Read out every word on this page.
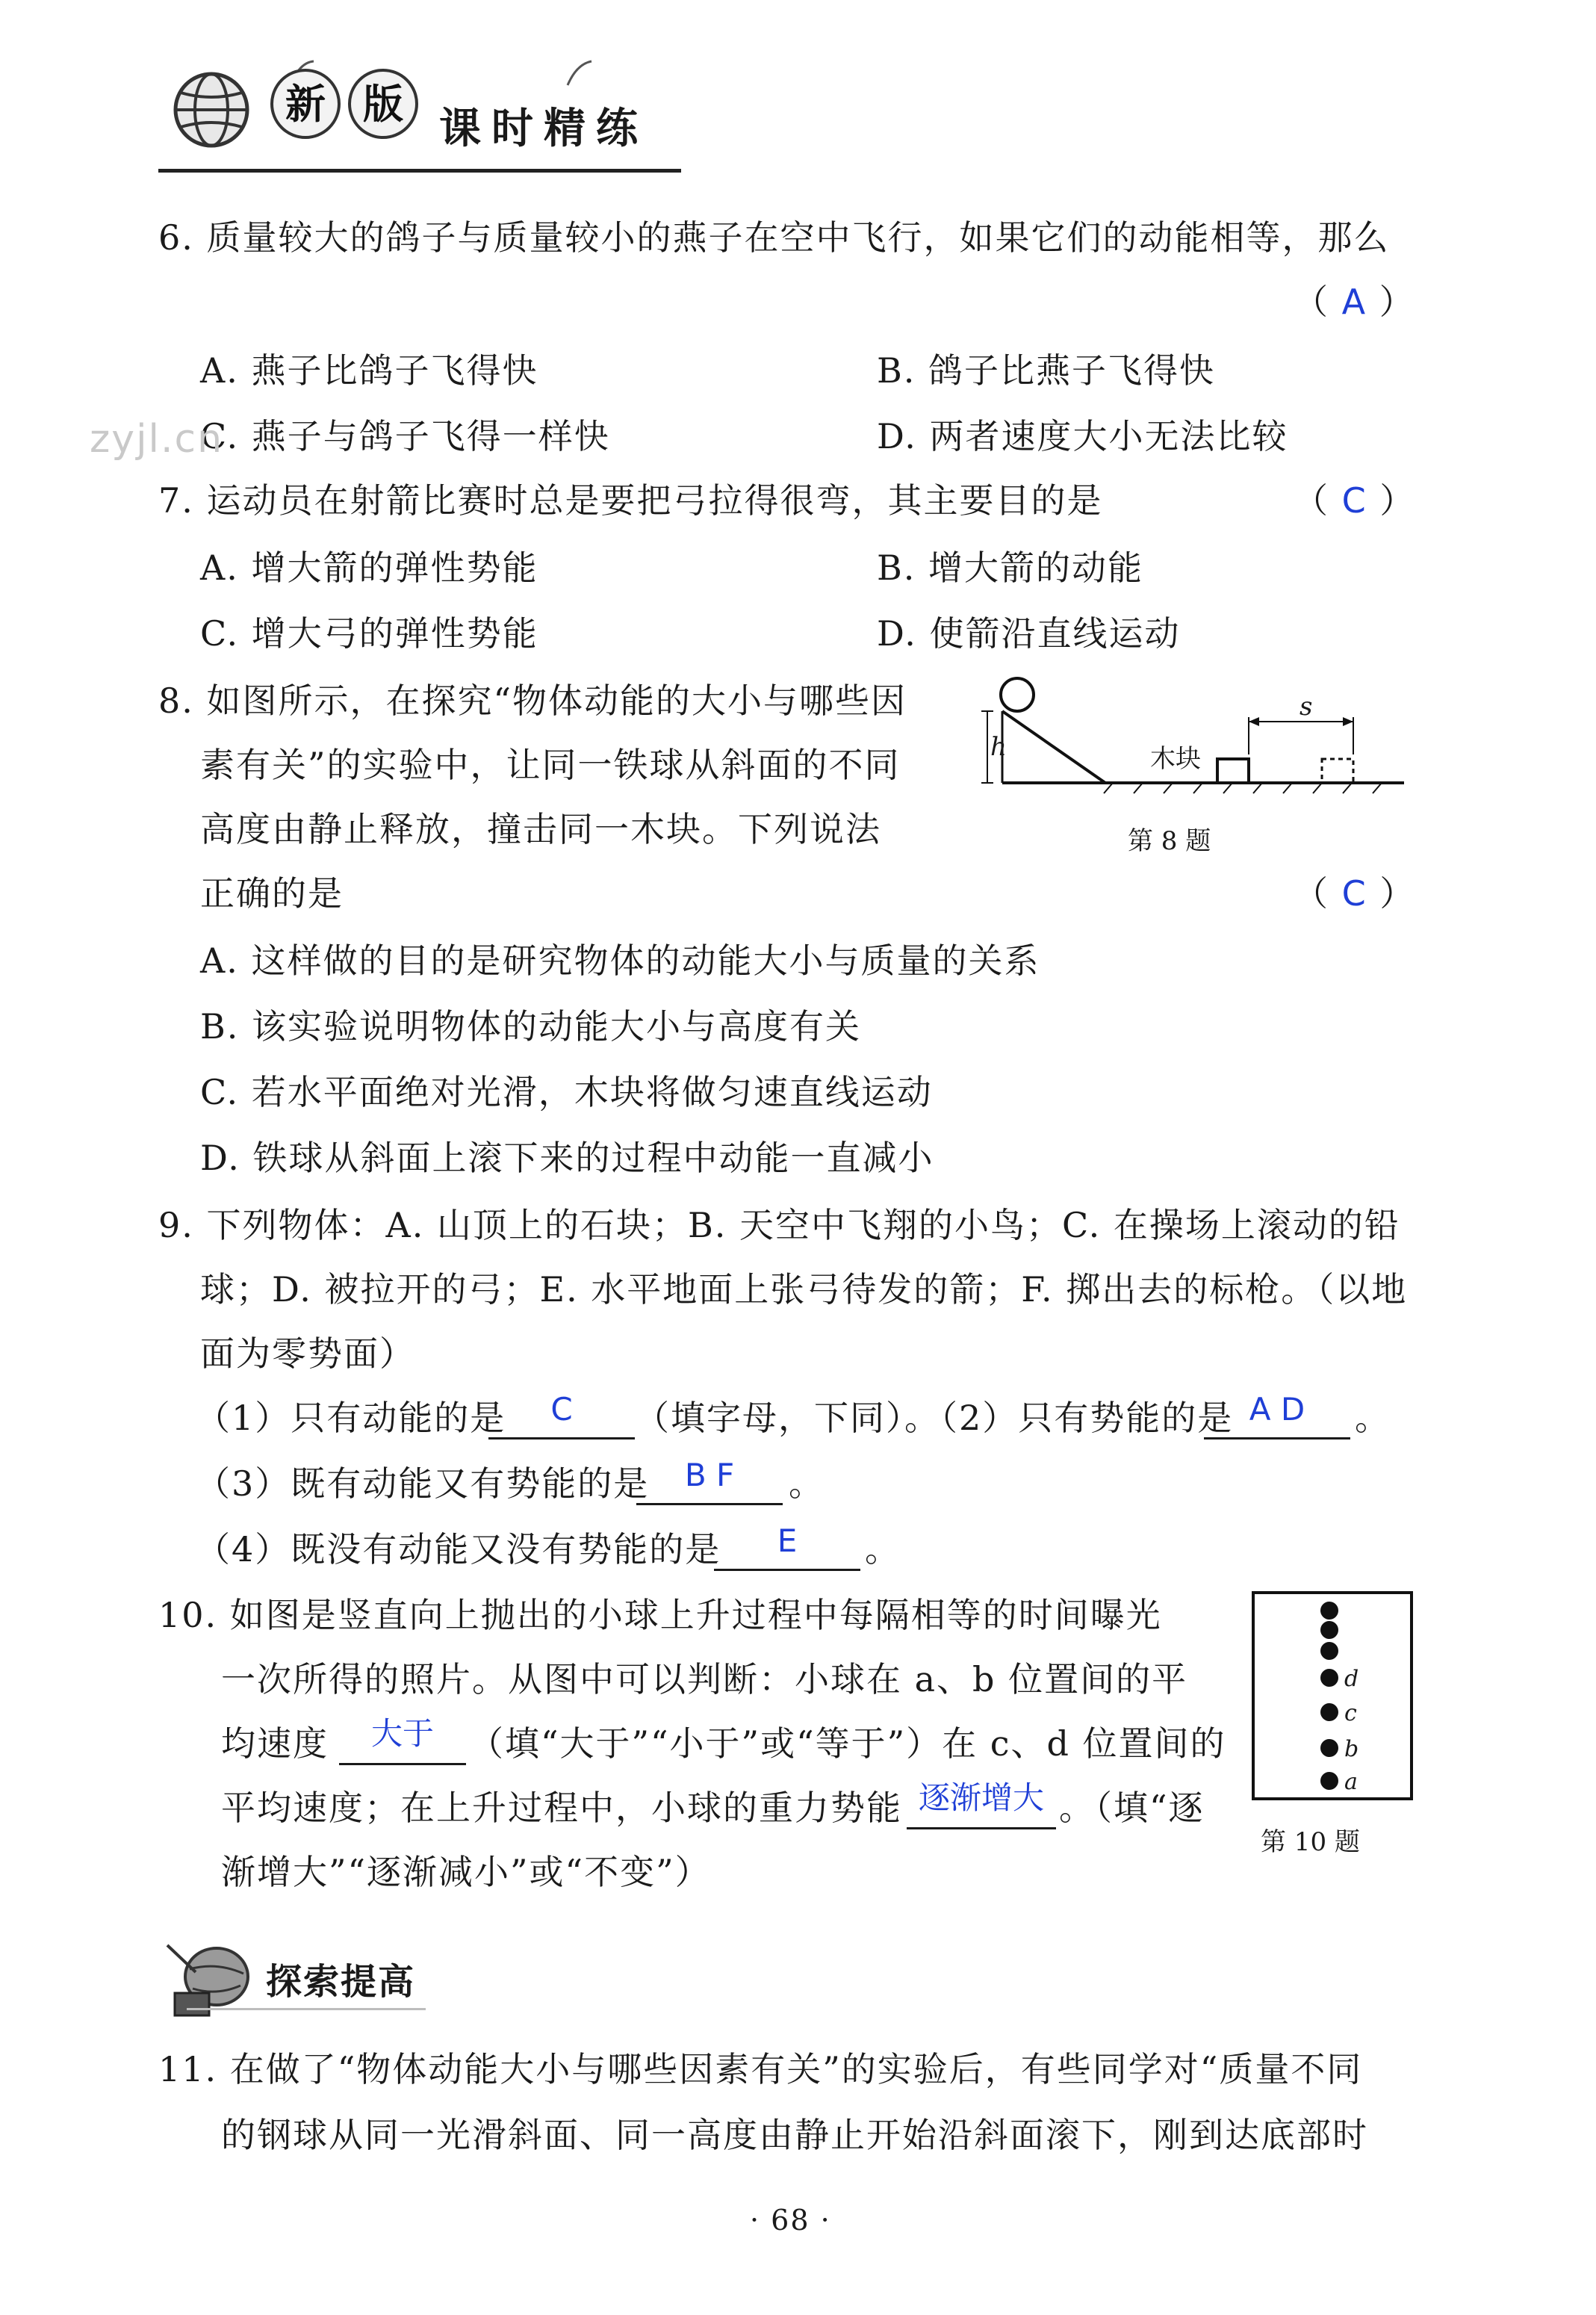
新 版
课时精练
6. 质量较大的鸽子与质量较小的燕子在空中飞行，如果它们的动能相等，那么
（ A ）
A. 燕子比鸽子飞得快	B. 鸽子比燕子飞得快
C. 燕子与鸽子飞得一样快	D. 两者速度大小无法比较
zyjl.cn
7. 运动员在射箭比赛时总是要把弓拉得很弯，其主要目的是	（ C ）
A. 增大箭的弹性势能	B. 增大箭的动能
C. 增大弓的弹性势能	D. 使箭沿直线运动
8. 如图所示，在探究“物体动能的大小与哪些因
素有关”的实验中，让同一铁球从斜面的不同
高度由静止释放，撞击同一木块。下列说法
正确的是	（ C ）
h
s
木块
第 8 题
A. 这样做的目的是研究物体的动能大小与质量的关系
B. 该实验说明物体的动能大小与高度有关
C. 若水平面绝对光滑，木块将做匀速直线运动
D. 铁球从斜面上滚下来的过程中动能一直减小
9. 下列物体：A. 山顶上的石块；B. 天空中飞翔的小鸟；C. 在操场上滚动的铅
球；D. 被拉开的弓；E. 水平地面上张弓待发的箭；F. 掷出去的标枪。（以地
面为零势面）
（1）只有动能的是	C	（填字母，下同）。（2）只有势能的是 A D	。
（3）既有动能又有势能的是	B F	。
（4）既没有动能又没有势能的是	E	。
10. 如图是竖直向上抛出的小球上升过程中每隔相等的时间曝光
一次所得的照片。从图中可以判断：小球在 a、b 位置间的平
均速度	大于	（填“大于”“小于”或“等于”）在 c、d 位置间的
平均速度；在上升过程中，小球的重力势能 逐渐增大 。（填“逐
渐增大”“逐渐减小”或“不变”）
d
c
b
a
第 10 题
探索提高
11. 在做了“物体动能大小与哪些因素有关”的实验后，有些同学对“质量不同
的钢球从同一光滑斜面、同一高度由静止开始沿斜面滚下，刚到达底部时
· 68 ·
